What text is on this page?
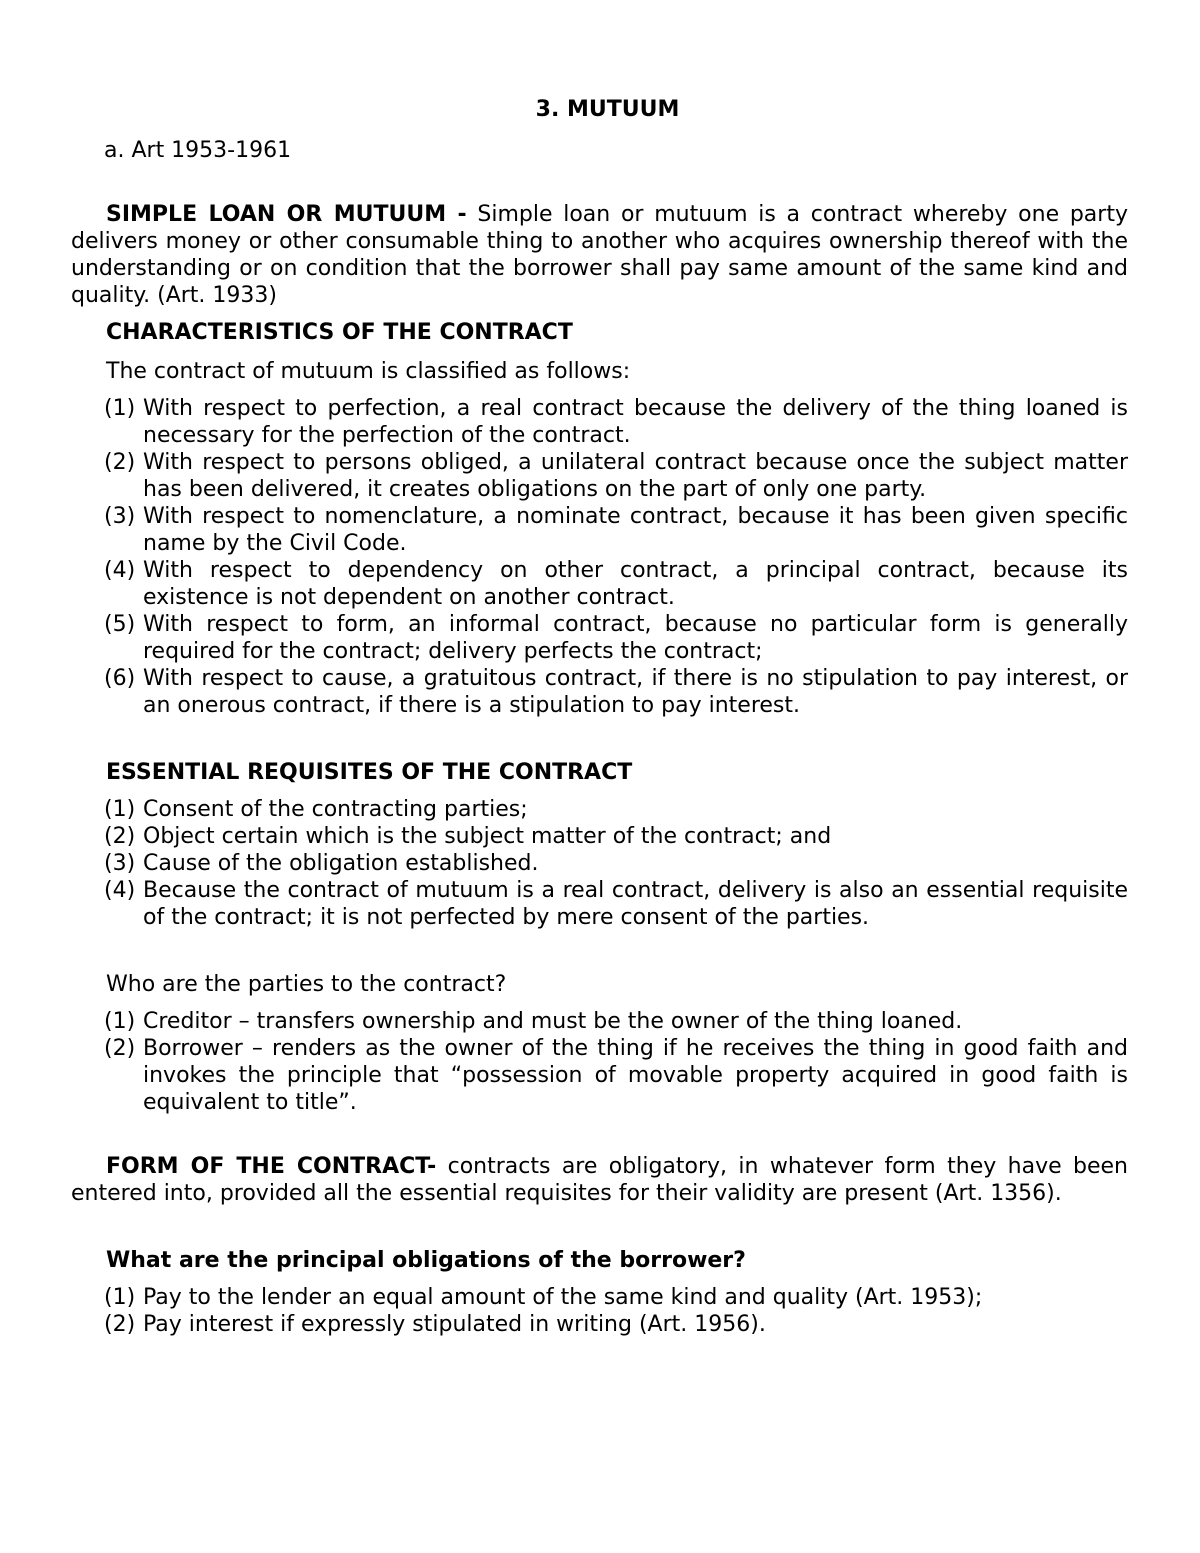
3. MUTUUM

a. Art 1953-1961

SIMPLE LOAN OR MUTUUM - Simple loan or mutuum is a contract whereby one party delivers money or other consumable thing to another who acquires ownership thereof with the understanding or on condition that the borrower shall pay same amount of the same kind and quality. (Art. 1933)

CHARACTERISTICS OF THE CONTRACT

The contract of mutuum is classified as follows:

(1) With respect to perfection, a real contract because the delivery of the thing loaned is necessary for the perfection of the contract.
(2) With respect to persons obliged, a unilateral contract because once the subject matter has been delivered, it creates obligations on the part of only one party.
(3) With respect to nomenclature, a nominate contract, because it has been given specific name by the Civil Code.
(4) With respect to dependency on other contract, a principal contract, because its existence is not dependent on another contract.
(5) With respect to form, an informal contract, because no particular form is generally required for the contract; delivery perfects the contract;
(6) With respect to cause, a gratuitous contract, if there is no stipulation to pay interest, or an onerous contract, if there is a stipulation to pay interest.

ESSENTIAL REQUISITES OF THE CONTRACT

(1) Consent of the contracting parties;
(2) Object certain which is the subject matter of the contract; and
(3) Cause of the obligation established.
(4) Because the contract of mutuum is a real contract, delivery is also an essential requisite of the contract; it is not perfected by mere consent of the parties.

Who are the parties to the contract?

(1) Creditor – transfers ownership and must be the owner of the thing loaned.
(2) Borrower – renders as the owner of the thing if he receives the thing in good faith and invokes the principle that “possession of movable property acquired in good faith is equivalent to title”.

FORM OF THE CONTRACT- contracts are obligatory, in whatever form they have been entered into, provided all the essential requisites for their validity are present (Art. 1356).

What are the principal obligations of the borrower?

(1) Pay to the lender an equal amount of the same kind and quality (Art. 1953);
(2) Pay interest if expressly stipulated in writing (Art. 1956).
